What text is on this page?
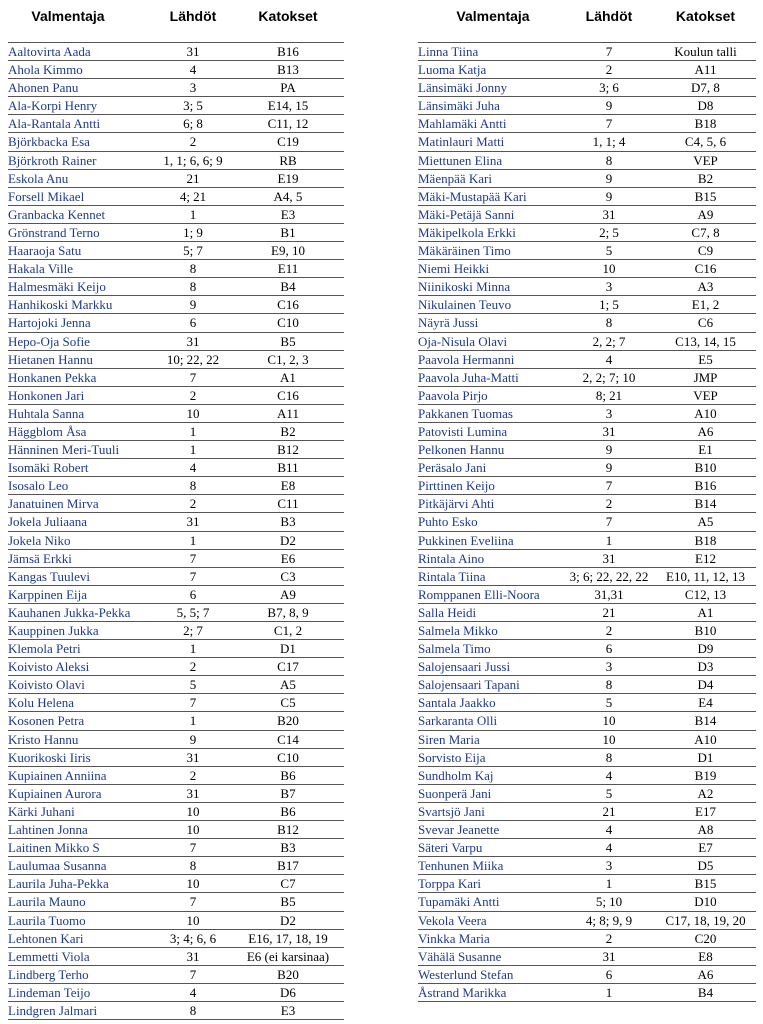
Valmentaja	Lähdöt	Katokset
Aaltovirta Aada	31	B16
Ahola Kimmo	4	B13
Ahonen Panu	3	PA
Ala-Korpi Henry	3; 5	E14, 15
Ala-Rantala Antti	6; 8	C11, 12
Björkbacka Esa	2	C19
Björkroth Rainer	1, 1; 6, 6; 9	RB
Eskola Anu	21	E19
Forsell Mikael	4; 21	A4, 5
Granbacka Kennet	1	E3
Grönstrand Terno	1; 9	B1
Haaraoja Satu	5; 7	E9, 10
Hakala Ville	8	E11
Halmesmäki Keijo	8	B4
Hanhikoski Markku	9	C16
Hartojoki Jenna	6	C10
Hepo-Oja Sofie	31	B5
Hietanen Hannu	10; 22, 22	C1, 2, 3
Honkanen Pekka	7	A1
Honkonen Jari	2	C16
Huhtala Sanna	10	A11
Häggblom Åsa	1	B2
Hänninen Meri-Tuuli	1	B12
Isomäki Robert	4	B11
Isosalo Leo	8	E8
Janatuinen Mirva	2	C11
Jokela Juliaana	31	B3
Jokela Niko	1	D2
Jämsä Erkki	7	E6
Kangas Tuulevi	7	C3
Karppinen Eija	6	A9
Kauhanen Jukka-Pekka	5, 5; 7	B7, 8, 9
Kauppinen Jukka	2; 7	C1, 2
Klemola Petri	1	D1
Koivisto Aleksi	2	C17
Koivisto Olavi	5	A5
Kolu Helena	7	C5
Kosonen Petra	1	B20
Kristo Hannu	9	C14
Kuorikoski Iiris	31	C10
Kupiainen Anniina	2	B6
Kupiainen Aurora	31	B7
Kärki Juhani	10	B6
Lahtinen Jonna	10	B12
Laitinen Mikko S	7	B3
Laulumaa Susanna	8	B17
Laurila Juha-Pekka	10	C7
Laurila Mauno	7	B5
Laurila Tuomo	10	D2
Lehtonen Kari	3; 4; 6, 6	E16, 17, 18, 19
Lemmetti Viola	31	E6 (ei karsinaa)
Lindberg Terho	7	B20
Lindeman Teijo	4	D6
Lindgren Jalmari	8	E3
Valmentaja	Lähdöt	Katokset
Linna Tiina	7	Koulun talli
Luoma Katja	2	A11
Länsimäki Jonny	3; 6	D7, 8
Länsimäki Juha	9	D8
Mahlamäki Antti	7	B18
Matinlauri Matti	1, 1; 4	C4, 5, 6
Miettunen Elina	8	VEP
Mäenpää Kari	9	B2
Mäki-Mustapää Kari	9	B15
Mäki-Petäjä Sanni	31	A9
Mäkipelkola Erkki	2; 5	C7, 8
Mäkäräinen Timo	5	C9
Niemi Heikki	10	C16
Niinikoski Minna	3	A3
Nikulainen Teuvo	1; 5	E1, 2
Näyrä Jussi	8	C6
Oja-Nisula Olavi	2, 2; 7	C13, 14, 15
Paavola Hermanni	4	E5
Paavola Juha-Matti	2, 2; 7; 10	JMP
Paavola Pirjo	8; 21	VEP
Pakkanen Tuomas	3	A10
Patovisti Lumina	31	A6
Pelkonen Hannu	9	E1
Peräsalo Jani	9	B10
Pirttinen Keijo	7	B16
Pitkäjärvi Ahti	2	B14
Puhto Esko	7	A5
Pukkinen Eveliina	1	B18
Rintala Aino	31	E12
Rintala Tiina	3; 6; 22, 22, 22	E10, 11, 12, 13
Romppanen Elli-Noora	31,31	C12, 13
Salla Heidi	21	A1
Salmela Mikko	2	B10
Salmela Timo	6	D9
Salojensaari Jussi	3	D3
Salojensaari Tapani	8	D4
Santala Jaakko	5	E4
Sarkaranta Olli	10	B14
Siren Maria	10	A10
Sorvisto Eija	8	D1
Sundholm Kaj	4	B19
Suonperä Jani	5	A2
Svartsjö Jani	21	E17
Svevar Jeanette	4	A8
Säteri Varpu	4	E7
Tenhunen Miika	3	D5
Torppa Kari	1	B15
Tupamäki Antti	5; 10	D10
Vekola Veera	4; 8; 9, 9	C17, 18, 19, 20
Vinkka Maria	2	C20
Vähälä Susanne	31	E8
Westerlund Stefan	6	A6
Åstrand Marikka	1	B4
